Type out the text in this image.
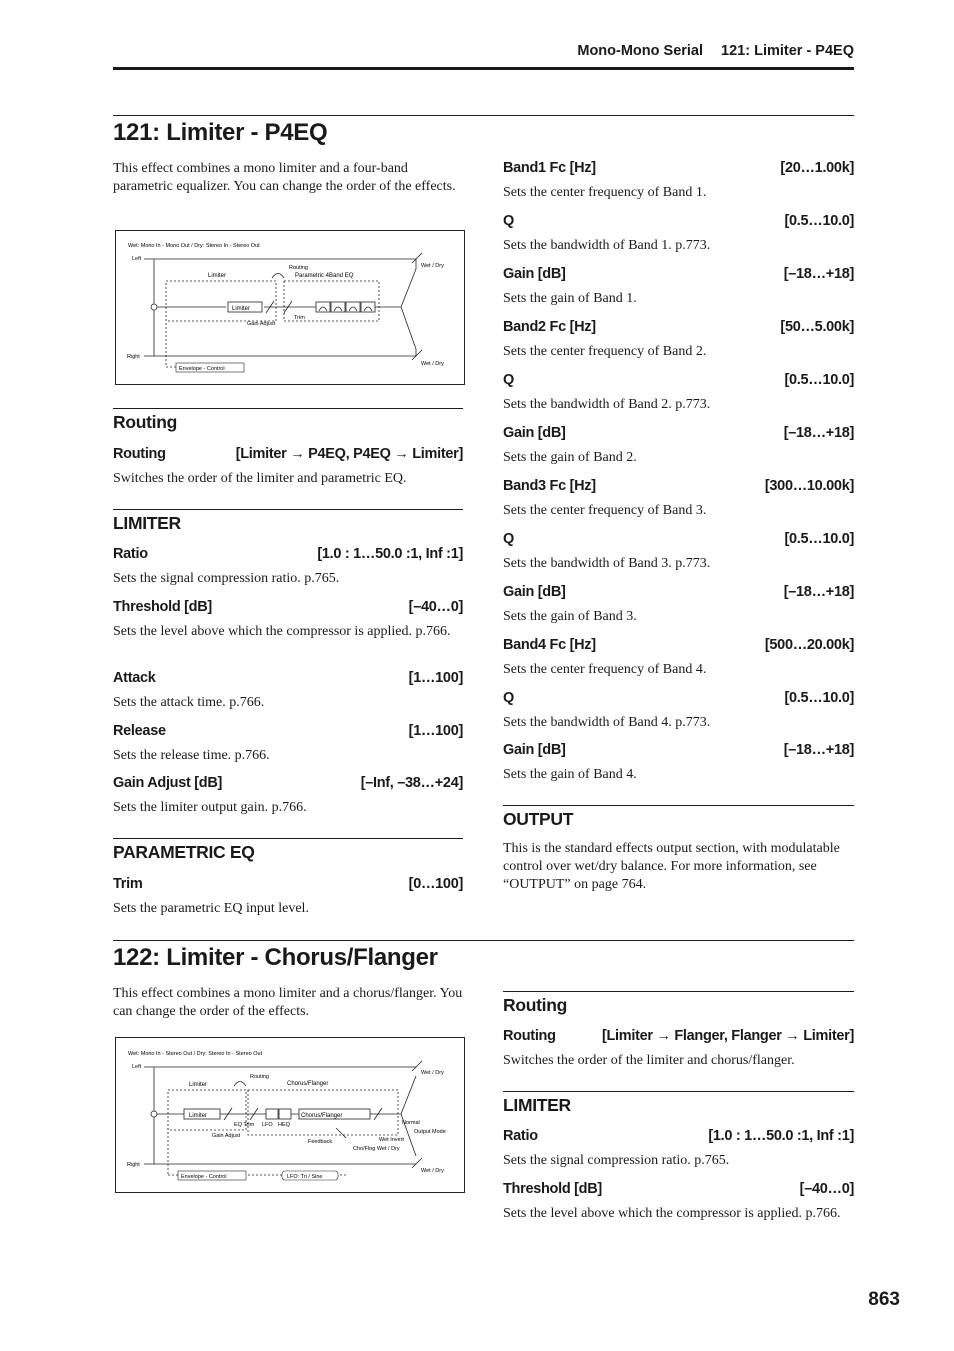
Mono-Mono Serial 121: Limiter - P4EQ
121: Limiter - P4EQ
This effect combines a mono limiter and a four-band parametric equalizer. You can change the order of the effects.
Wet: Mono In - Mono Out / Dry: Stereo In - Stereo Out
Left
Right
Limiter
Limiter
Routing
Parametric 4Band EQ
Gain Adjust
Trim
Wet / Dry
Wet / Dry
Envelope - Control
Routing
Routing	[Limiter → P4EQ, P4EQ → Limiter]
Switches the order of the limiter and parametric EQ.
LIMITER
Ratio	[1.0 : 1…50.0 :1, Inf :1]
Sets the signal compression ratio. p.765.
Threshold [dB]	[–40…0]
Sets the level above which the compressor is applied. p.766.
Attack	[1…100]
Sets the attack time. p.766.
Release	[1…100]
Sets the release time. p.766.
Gain Adjust [dB]	[–Inf, –38…+24]
Sets the limiter output gain. p.766.
PARAMETRIC EQ
Trim	[0…100]
Sets the parametric EQ input level.
Band1 Fc [Hz]	[20…1.00k]
Sets the center frequency of Band 1.
Q	[0.5…10.0]
Sets the bandwidth of Band 1. p.773.
Gain [dB]	[–18…+18]
Sets the gain of Band 1.
Band2 Fc [Hz]	[50…5.00k]
Sets the center frequency of Band 2.
Q	[0.5…10.0]
Sets the bandwidth of Band 2. p.773.
Gain [dB]	[–18…+18]
Sets the gain of Band 2.
Band3 Fc [Hz]	[300…10.00k]
Sets the center frequency of Band 3.
Q	[0.5…10.0]
Sets the bandwidth of Band 3. p.773.
Gain [dB]	[–18…+18]
Sets the gain of Band 3.
Band4 Fc [Hz]	[500…20.00k]
Sets the center frequency of Band 4.
Q	[0.5…10.0]
Sets the bandwidth of Band 4. p.773.
Gain [dB]	[–18…+18]
Sets the gain of Band 4.
OUTPUT
This is the standard effects output section, with modulatable control over wet/dry balance. For more information, see “OUTPUT” on page 764.
122: Limiter - Chorus/Flanger
This effect combines a mono limiter and a chorus/flanger. You can change the order of the effects.
Wet: Mono In - Stereo Out / Dry: Stereo In - Stereo Out
Left
Right
Limiter	Chorus/Flanger
Limiter
Routing
Chorus/Flanger
EQ Trim LFO HEQ
Gain Adjust
Feedback
Normal
Output Mode
Wet Invert
Cho/Flng Wet / Dry
Wet / Dry
Wet / Dry
Envelope - Control	LFO: Tri / Sine
Routing
Routing	[Limiter → Flanger, Flanger → Limiter]
Switches the order of the limiter and chorus/flanger.
LIMITER
Ratio	[1.0 : 1…50.0 :1, Inf :1]
Sets the signal compression ratio. p.765.
Threshold [dB]	[–40…0]
Sets the level above which the compressor is applied. p.766.
863
